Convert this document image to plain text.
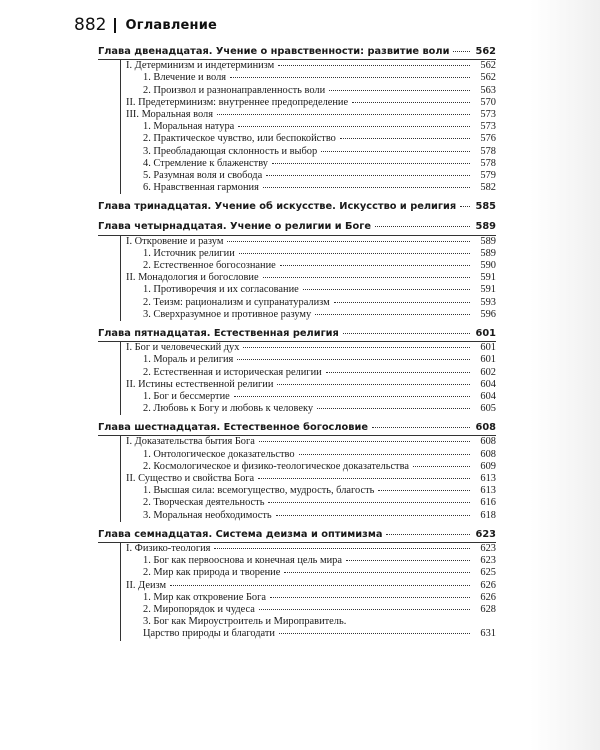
882 Оглавление
Глава двенадцатая. Учение о нравственности: развитие воли	562
I. Детерминизм и индетерминизм	562
1. Влечение и воля	562
2. Произвол и разнонаправленность воли	563
II. Предетерминизм: внутреннее предопределение	570
III. Моральная воля	573
1. Моральная натура	573
2. Практическое чувство, или беспокойство	576
3. Преобладающая склонность и выбор	578
4. Стремление к блаженству	578
5. Разумная воля и свобода	579
6. Нравственная гармония	582
Глава тринадцатая. Учение об искусстве. Искусство и религия 585
Глава четырнадцатая. Учение о религии и Боге	589
I. Откровение и разум	589
1. Источник религии	589
2. Естественное богосознание	590
II. Монадология и богословие	591
1. Противоречия и их согласование	591
2. Теизм: рационализм и супранатурализм	593
3. Сверхразумное и противное разуму	596
Глава пятнадцатая. Естественная религия	601
I. Бог и человеческий дух	601
1. Мораль и религия	601
2. Естественная и историческая религии	602
II. Истины естественной религии	604
1. Бог и бессмертие	604
2. Любовь к Богу и любовь к человеку	605
Глава шестнадцатая. Естественное богословие	608
I. Доказательства бытия Бога	608
1. Онтологическое доказательство	608
2. Космологическое и физико-теологическое доказательства	609
II. Существо и свойства Бога	613
1. Высшая сила: всемогущество, мудрость, благость	613
2. Творческая деятельность	616
3. Моральная необходимость	618
Глава семнадцатая. Система деизма и оптимизма	623
I. Физико-теология	623
1. Бог как первооснова и конечная цель мира	623
2. Мир как природа и творение	625
II. Деизм	626
1. Мир как откровение Бога	626
2. Миропорядок и чудеса	628
3. Бог как Мироустроитель и Мироправитель.
Царство природы и благодати	631
